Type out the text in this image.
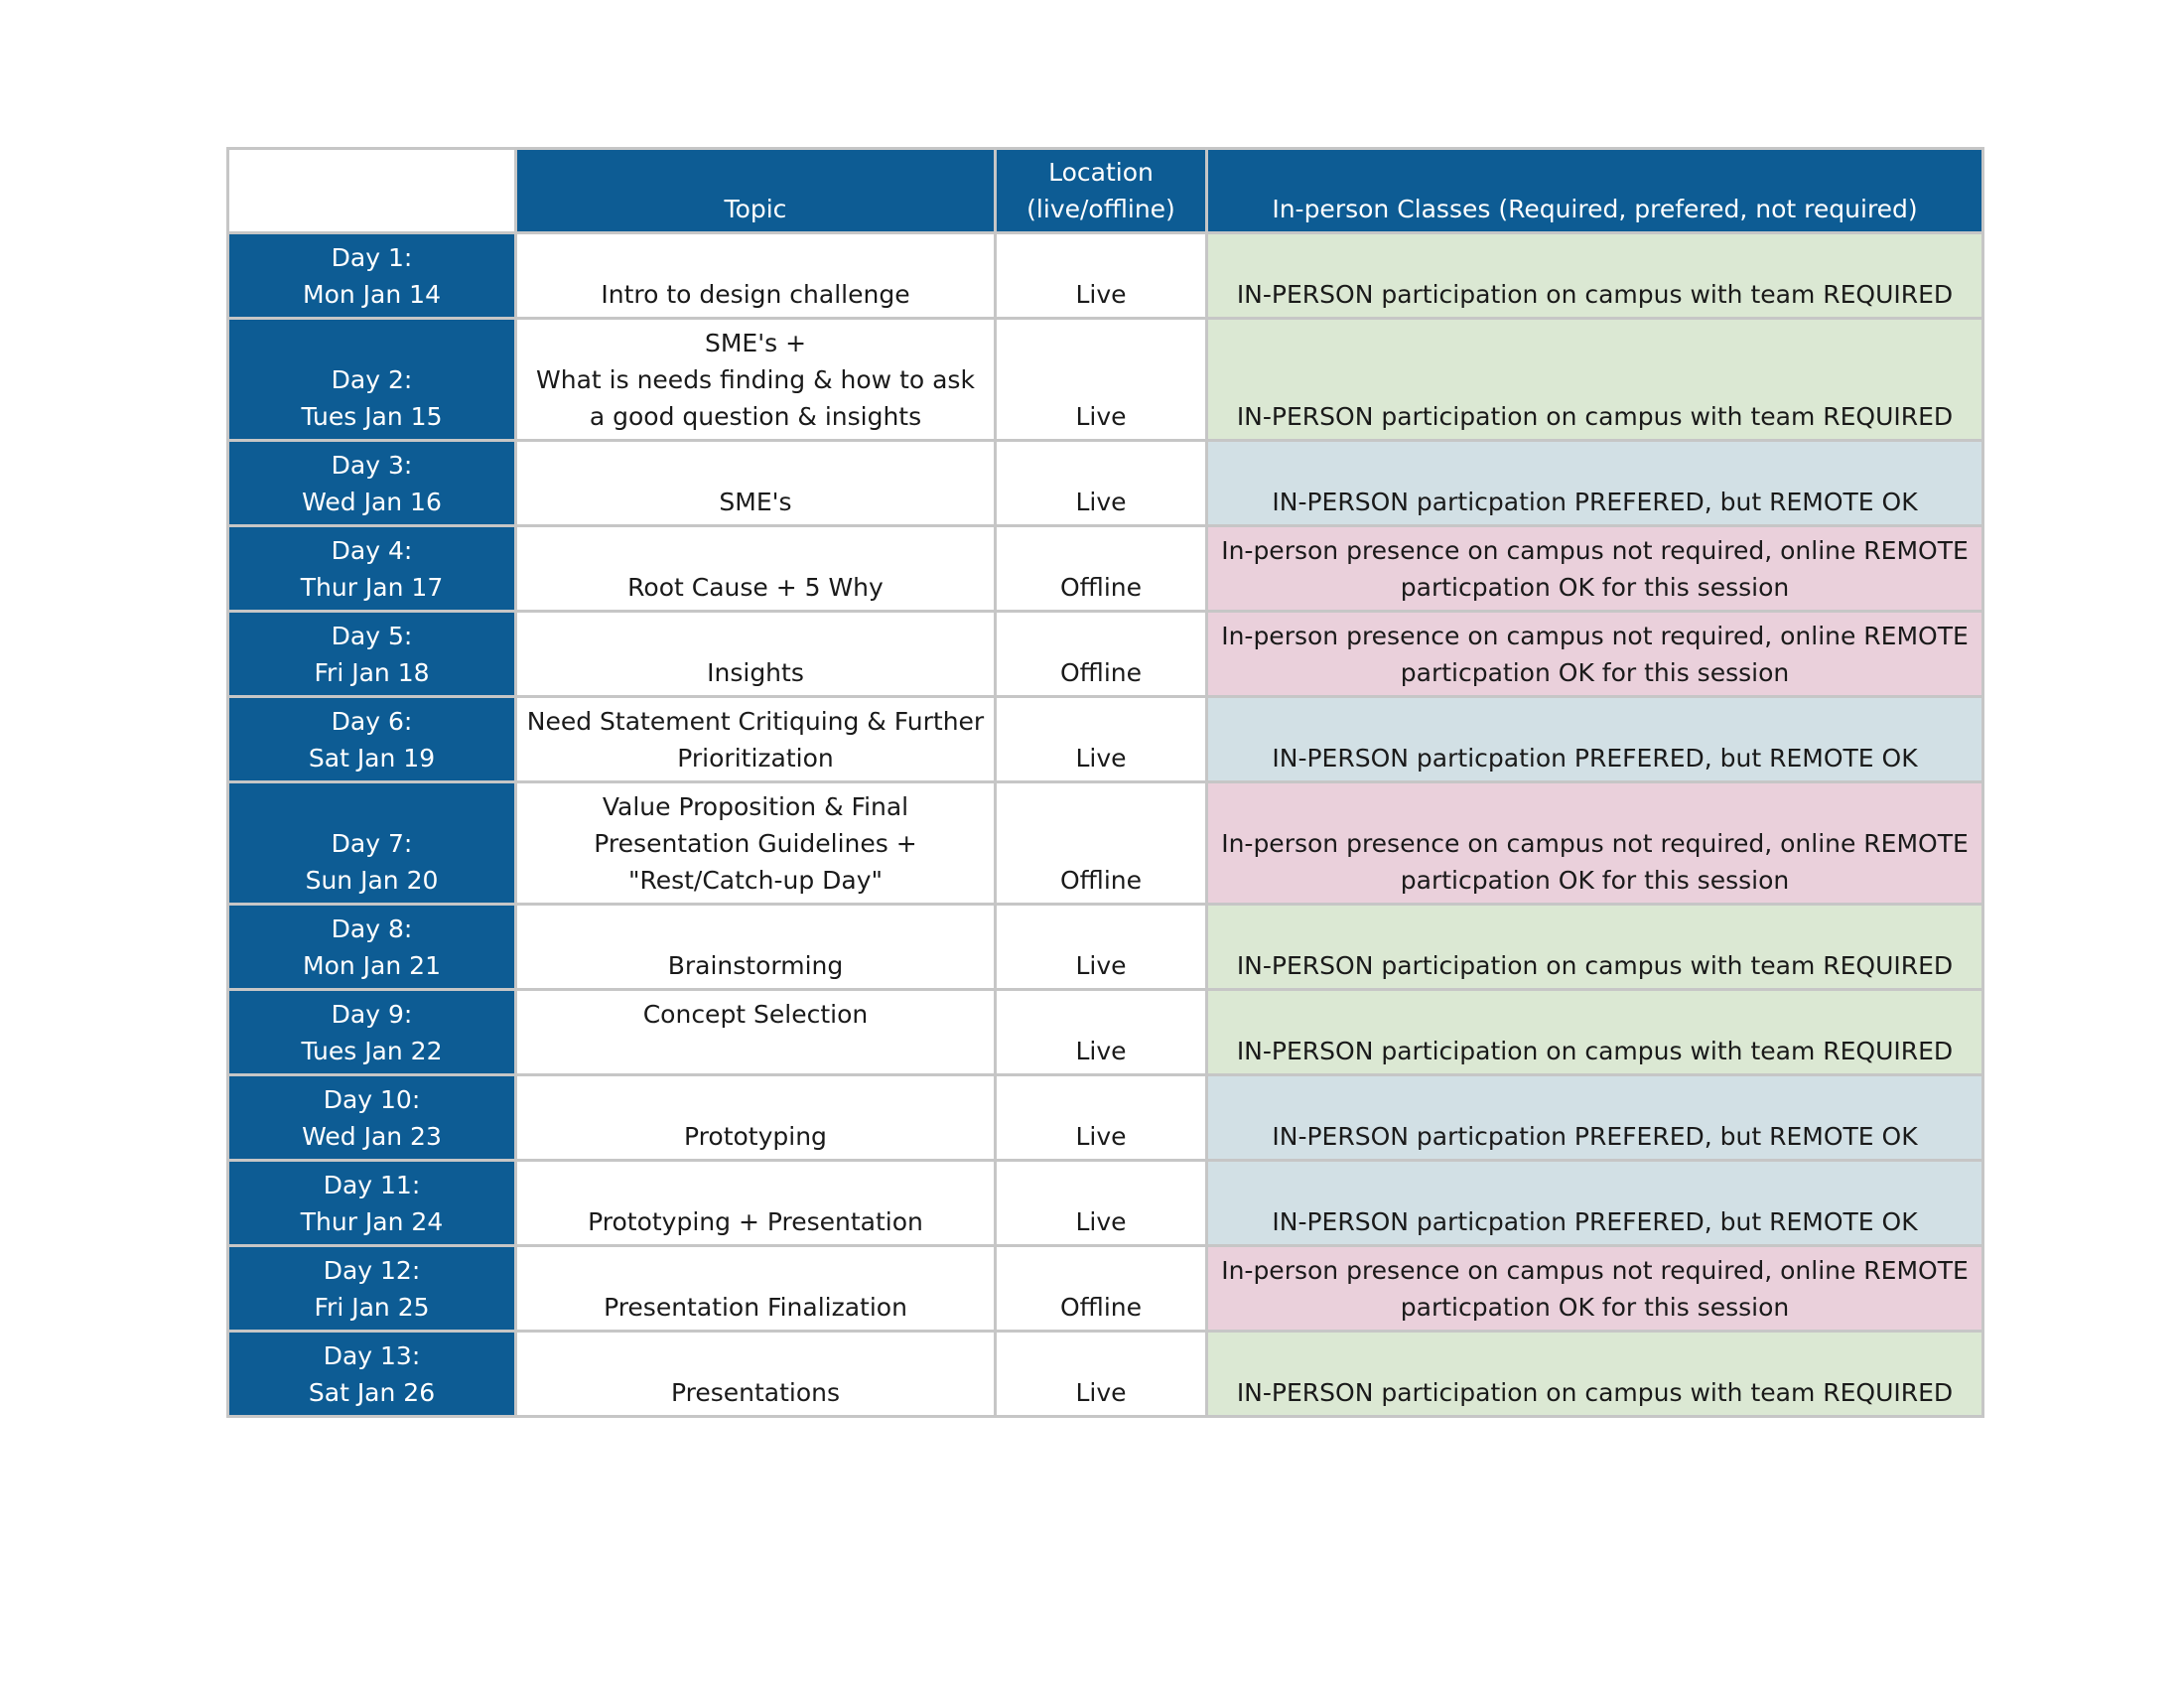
	Topic	Location
(live/offline)	In-person Classes (Required, prefered, not required)

Day 1:
Mon Jan 14	Intro to design challenge	Live	IN-PERSON participation on campus with team REQUIRED

Day 2:
Tues Jan 15	SME's +
What is needs finding & how to ask
a good question & insights	Live	IN-PERSON participation on campus with team REQUIRED

Day 3:
Wed Jan 16	SME's	Live	IN-PERSON particpation PREFERED, but REMOTE OK

Day 4:
Thur Jan 17	Root Cause + 5 Why	Offline	In-person presence on campus not required, online REMOTE
particpation OK for this session

Day 5:
Fri Jan 18	Insights	Offline	In-person presence on campus not required, online REMOTE
particpation OK for this session

Day 6:
Sat Jan 19	Need Statement Critiquing & Further
Prioritization	Live	IN-PERSON particpation PREFERED, but REMOTE OK

Day 7:
Sun Jan 20	Value Proposition & Final
Presentation Guidelines +
"Rest/Catch-up Day"	Offline	In-person presence on campus not required, online REMOTE
particpation OK for this session

Day 8:
Mon Jan 21	Brainstorming	Live	IN-PERSON participation on campus with team REQUIRED

Day 9:
Tues Jan 22	Concept Selection	Live	IN-PERSON participation on campus with team REQUIRED

Day 10:
Wed Jan 23	Prototyping	Live	IN-PERSON particpation PREFERED, but REMOTE OK

Day 11:
Thur Jan 24	Prototyping + Presentation	Live	IN-PERSON particpation PREFERED, but REMOTE OK

Day 12:
Fri Jan 25	Presentation Finalization	Offline	In-person presence on campus not required, online REMOTE
particpation OK for this session

Day 13:
Sat Jan 26	Presentations	Live	IN-PERSON participation on campus with team REQUIRED
